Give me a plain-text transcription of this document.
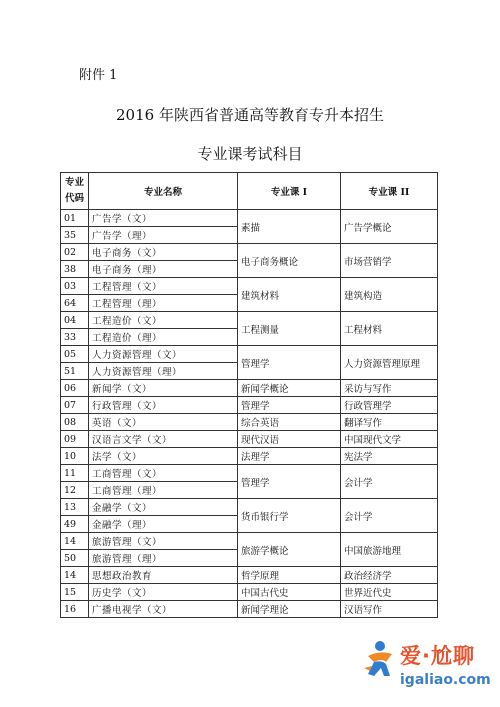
附件 1
2016 年陕西省普通高等教育专升本招生
专业课考试科目
专业
代码	专业名称	专业课 I	专业课 II
01	广告学（文）	素描	广告学概论
35	广告学（理）		
02	电子商务（文）	电子商务概论	市场营销学
38	电子商务（理）		
03	工程管理（文）	建筑材料	建筑构造
64	工程管理（理）		
04	工程造价（文）	工程测量	工程材料
33	工程造价（理）		
05	人力资源管理（文）	管理学	人力资源管理原理
51	人力资源管理（理）		
06	新闻学（文）	新闻学概论	采访与写作
07	行政管理（文）	管理学	行政管理学
08	英语（文）	综合英语	翻译写作
09	汉语言文学（文）	现代汉语	中国现代文学
10	法学（文）	法理学	宪法学
11	工商管理（文）	管理学	会计学
12	工商管理（理）		
13	金融学（文）	货币银行学	会计学
49	金融学（理）		
14	旅游管理（文）	旅游学概论	中国旅游地理
50	旅游管理（理）		
14	思想政治教育	哲学原理	政治经济学
15	历史学（文）	中国古代史	世界近代史
16	广播电视学（文）	新闻学理论	汉语写作
爱·尬聊
igaliao.com
